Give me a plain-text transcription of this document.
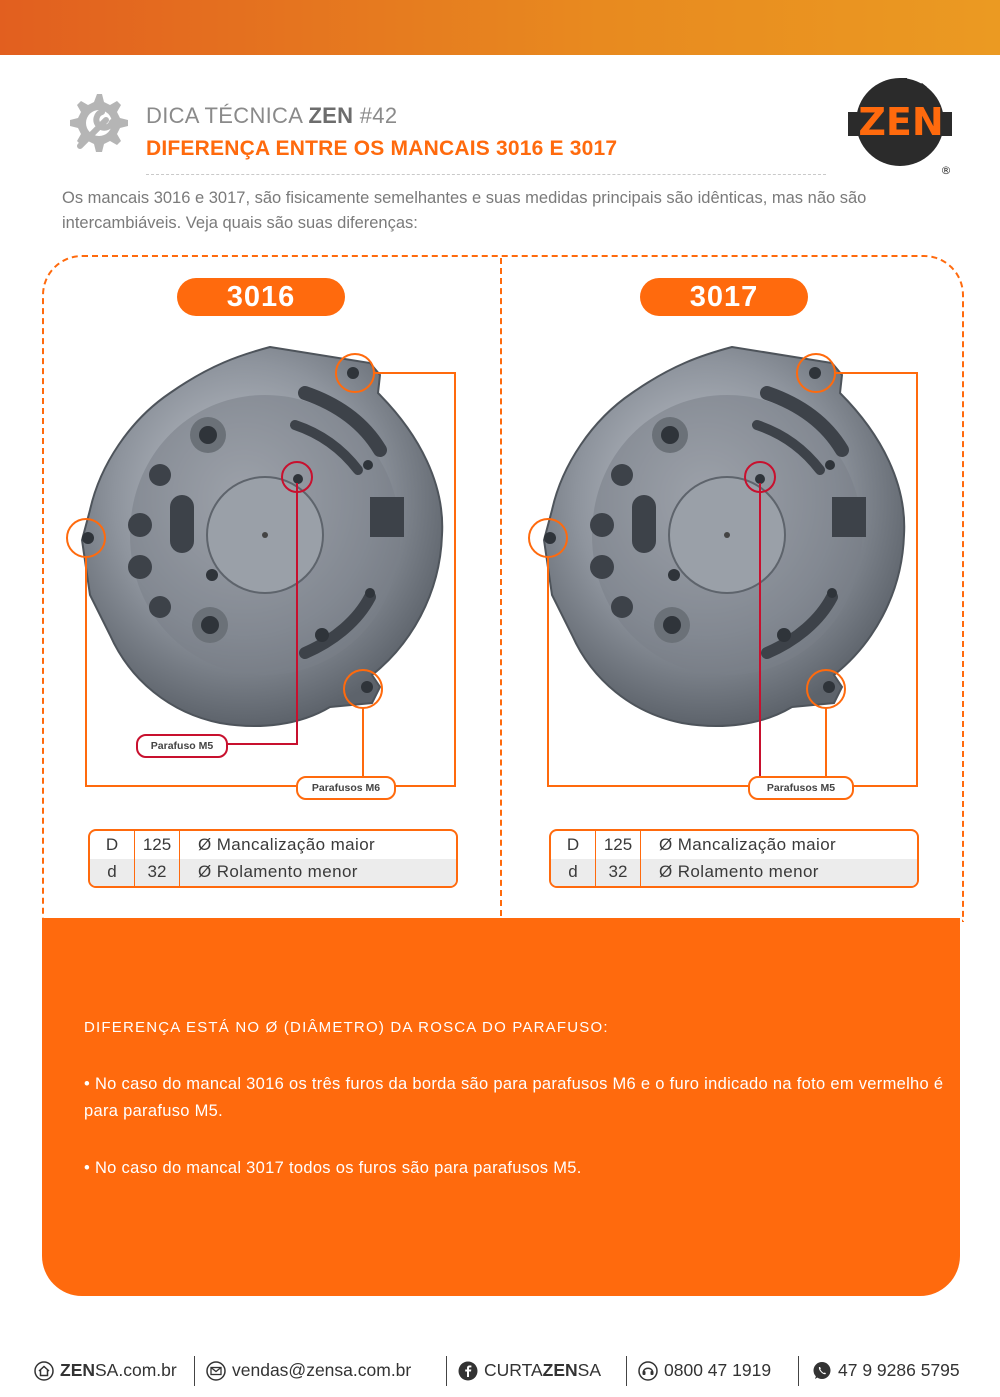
DICA TÉCNICA ZEN #42
DIFERENÇA ENTRE OS MANCAIS 3016 E 3017
ZEN
®
Os mancais 3016 e 3017, são fisicamente semelhantes e suas medidas principais são idênticas, mas não são intercambiáveis. Veja quais são suas diferenças:
3016	3017
Parafuso M5
Parafusos M6	Parafusos M5
D	125	Ø Mancalização maior
d	32	Ø Rolamento menor
D	125	Ø Mancalização maior
d	32	Ø Rolamento menor
DIFERENÇA ESTÁ NO Ø (DIÂMETRO) DA ROSCA DO PARAFUSO:
• No caso do mancal 3016 os três furos da borda são para parafusos M6 e o furo indicado na foto em vermelho é para parafuso M5.
• No caso do mancal 3017 todos os furos são para parafusos M5.
ZENSA.com.br	vendas@zensa.com.br	CURTAZENSA	0800 47 1919	47 9 9286 5795
